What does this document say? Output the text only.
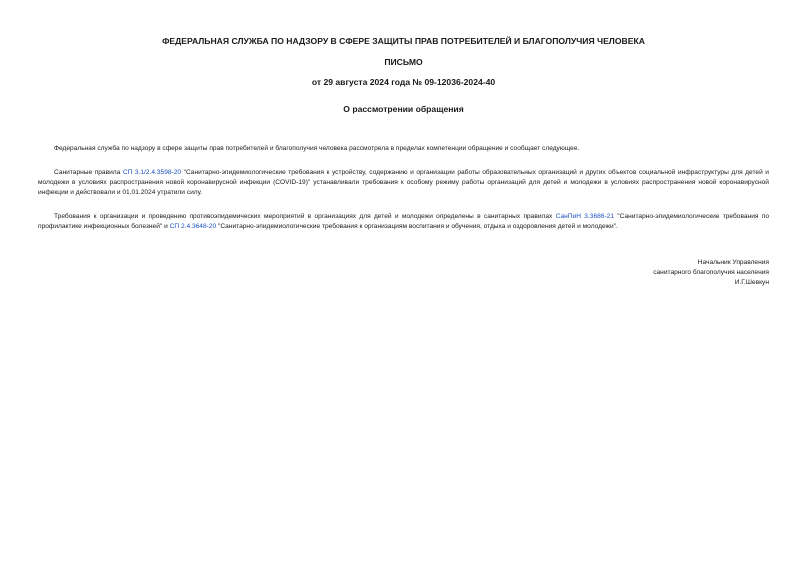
ФЕДЕРАЛЬНАЯ СЛУЖБА ПО НАДЗОРУ В СФЕРЕ ЗАЩИТЫ ПРАВ ПОТРЕБИТЕЛЕЙ И БЛАГОПОЛУЧИЯ ЧЕЛОВЕКА
ПИСЬМО
от 29 августа 2024 года № 09-12036-2024-40
О рассмотрении обращения

Федеральная служба по надзору в сфере защиты прав потребителей и благополучия человека рассмотрела в пределах компетенции обращение и сообщает следующее.

Санитарные правила СП 3.1/2.4.3598-20 "Санитарно-эпидемиологические требования к устройству, содержанию и организации работы образовательных организаций и других объектов социальной инфраструктуры для детей и молодежи в условиях распространения новой коронавирусной инфекции (COVID-19)" устанавливали требования к особому режиму работы организаций для детей и молодежи в условиях распространения новой коронавирусной инфекции и действовали и 01.01.2024 утратили силу.

Требования к организации и проведению противоэпидемических мероприятий в организациях для детей и молодежи определены в санитарных правилах СанПиН 3.3686-21 "Санитарно-эпидемиологические требования по профилактике инфекционных болезней" и СП 2.4.3648-20 "Санитарно-эпидемиологические требования к организациям воспитания и обучения, отдыха и оздоровления детей и молодежи".

Начальник Управления
санитарного благополучия населения
И.Г.Шевкун
